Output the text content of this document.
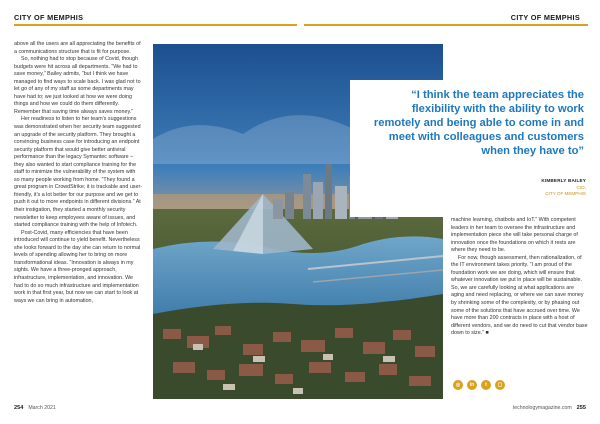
CITY OF MEMPHIS	CITY OF MEMPHIS

above all the users are all appreciating the benefits of a communications structure that is fit for purpose.

So, nothing had to stop because of Covid, though budgets were hit across all departments. “We had to save money,” Bailey admits, “but I think we have managed to find ways to scale back. I was glad not to let go of any of my staff as some departments may have had to; we just looked at how we were doing things and how we could do them differently. Remember that saving time always saves money.”

Her readiness to listen to her team’s suggestions was demonstrated when her security team suggested an upgrade of the security platform. They brought a convincing business case for introducing an endpoint security platform that would give better antiviral performance than the legacy Symantec software – they also wanted to start compliance training for the staff to minimize the vulnerability of the system with so many people working from home. “They found a great program in CrowdStrike; it is trackable and user-friendly, it’s a lot better for our purpose and we get to push it out to more endpoints in different divisions.” At their instigation, they started a monthly security newsletter to keep employees aware of issues, and started compliance training with the help of Infotech.

Post-Covid, many efficiencies that have been introduced will continue to yield benefit. Nevertheless she looks forward to the day she can return to normal levels of spending allowing her to bring on more transformational ideas. “Innovation is always in my sights. We have a three-pronged approach, infrastructure, implementation, and innovation. We had to do so much infrastructure and implementation work in that first year, but now we can start to look at ways we can bring in automation,

“I think the team appreciates the flexibility with the ability to work remotely and being able to come in and meet with colleagues and customers when they have to”

KIMBERLY BAILEY
CIO,
CITY OF MEMPHIS

machine learning, chatbots and IoT.” With competent leaders in her team to oversee the infrastructure and implementation piece she will take personal charge of innovation once the foundations on which it rests are where they need to be.

For now, though assessment, then rationalization, of the IT environment takes priority. “I am proud of the foundation work we are doing, which will ensure that whatever innovation we put in place will be sustainable. So, we are carefully looking at what applications are aging and need replacing, or where we can save money by shrinking some of the complexity, or by phasing out some of the solutions that have accrued over time. We have more than 200 contracts in place with a host of different vendors, and we do need to cut that vendor base down to size.” ■

◎	in	t	▢
254 March 2021	technologymagazine.com 255
